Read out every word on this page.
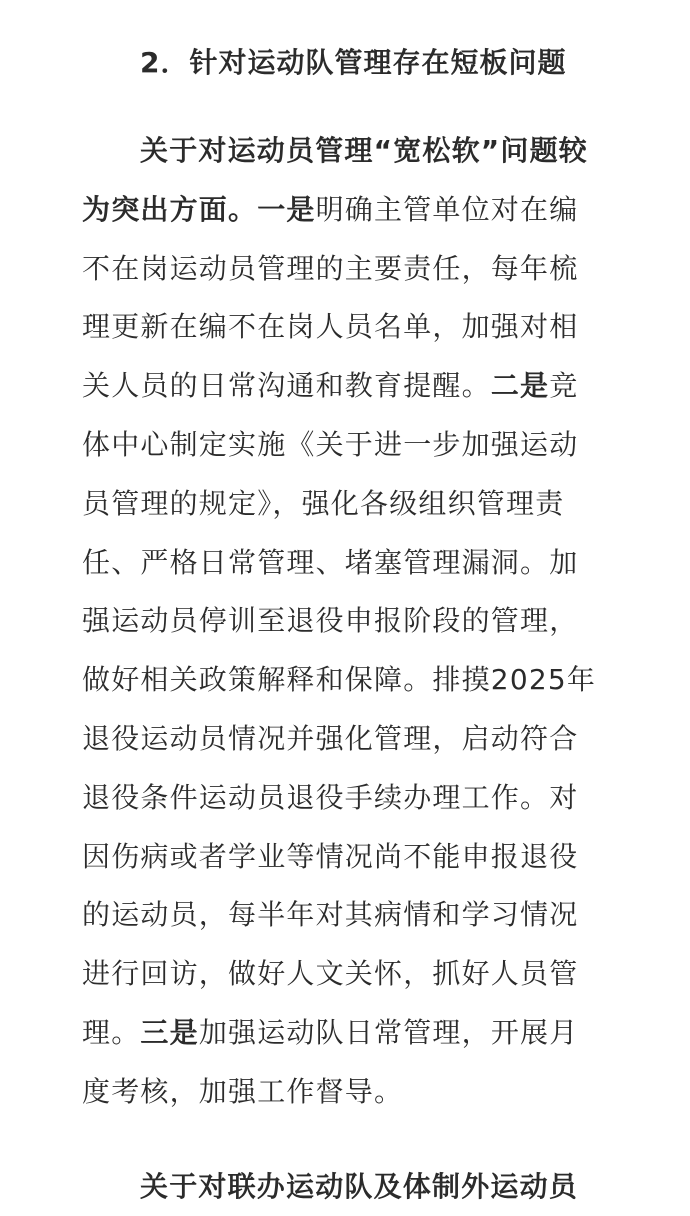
2．针对运动队管理存在短板问题
关于对运动员管理“宽松软”问题较
为突出方面。一是明确主管单位对在编
不在岗运动员管理的主要责任，每年梳
理更新在编不在岗人员名单，加强对相
关人员的日常沟通和教育提醒。二是竞
体中心制定实施《关于进一步加强运动
员管理的规定》，强化各级组织管理责
任、严格日常管理、堵塞管理漏洞。加
强运动员停训至退役申报阶段的管理，
做好相关政策解释和保障。排摸2025年
退役运动员情况并强化管理，启动符合
退役条件运动员退役手续办理工作。对
因伤病或者学业等情况尚不能申报退役
的运动员，每半年对其病情和学习情况
进行回访，做好人文关怀，抓好人员管
理。三是加强运动队日常管理，开展月
度考核，加强工作督导。
关于对联办运动队及体制外运动员
